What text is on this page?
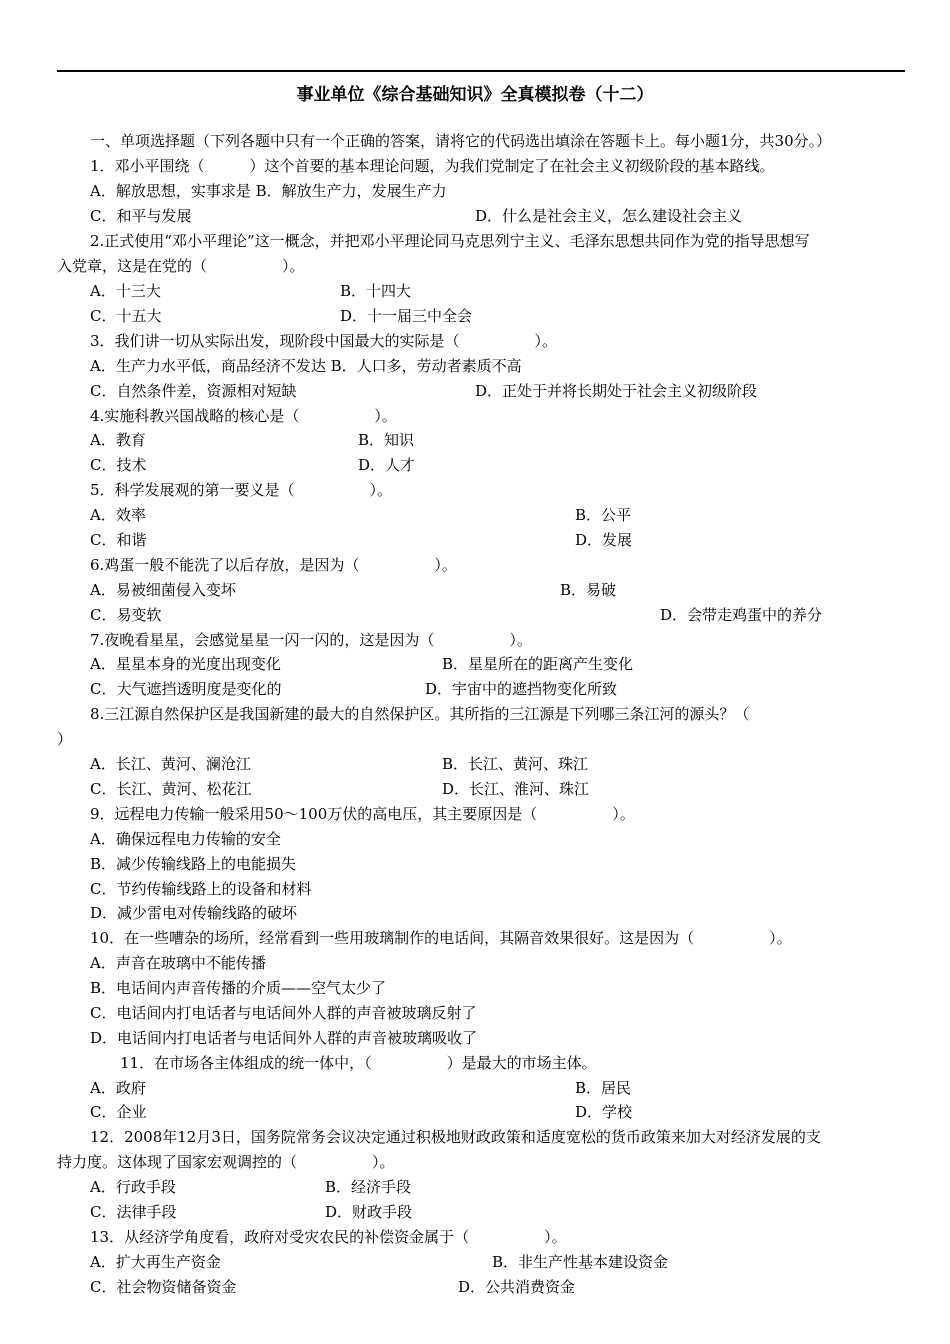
事业单位《综合基础知识》全真模拟卷（十二）
一、单项选择题（下列各题中只有一个正确的答案，请将它的代码选出填涂在答题卡上。每小题1分，共30分。）
1．邓小平围绕（　　　）这个首要的基本理论问题，为我们党制定了在社会主义初级阶段的基本路线。
A．解放思想，实事求是 B．解放生产力，发展生产力
C．和平与发展	D．什么是社会主义，怎么建设社会主义
2.正式使用“邓小平理论”这一概念，并把邓小平理论同马克思列宁主义、毛泽东思想共同作为党的指导思想写
入党章，这是在党的（　　　　　）。
A．十三大	B．十四大
C．十五大	D．十一届三中全会
3．我们讲一切从实际出发，现阶段中国最大的实际是（　　　　　）。
A．生产力水平低，商品经济不发达 B．人口多，劳动者素质不高
C．自然条件差，资源相对短缺	D．正处于并将长期处于社会主义初级阶段
4.实施科教兴国战略的核心是（　　　　　）。
A．教育	B．知识
C．技术	D．人才
5．科学发展观的第一要义是（　　　　　）。
A．效率	B．公平
C．和谐	D．发展
6.鸡蛋一般不能洗了以后存放，是因为（　　　　　）。
A．易被细菌侵入变坏	B．易破
C．易变软	D．会带走鸡蛋中的养分
7.夜晚看星星，会感觉星星一闪一闪的，这是因为（　　　　　）。
A．星星本身的光度出现变化	B．星星所在的距离产生变化
C．大气遮挡透明度是变化的	D．宇宙中的遮挡物变化所致
8.三江源自然保护区是我国新建的最大的自然保护区。其所指的三江源是下列哪三条江河的源头？（
）
A．长江、黄河、澜沧江	B．长江、黄河、珠江
C．长江、黄河、松花江	D．长江、淮河、珠江
9．远程电力传输一般采用50～100万伏的高电压，其主要原因是（　　　　　）。
A．确保远程电力传输的安全
B．减少传输线路上的电能损失
C．节约传输线路上的设备和材料
D．减少雷电对传输线路的破坏
10．在一些嘈杂的场所，经常看到一些用玻璃制作的电话间，其隔音效果很好。这是因为（　　　　　）。
A．声音在玻璃中不能传播
B．电话间内声音传播的介质——空气太少了
C．电话间内打电话者与电话间外人群的声音被玻璃反射了
D．电话间内打电话者与电话间外人群的声音被玻璃吸收了
11．在市场各主体组成的统一体中，（　　　　　）是最大的市场主体。
A．政府	B．居民
C．企业	D．学校
12．2008年12月3日，国务院常务会议决定通过积极地财政政策和适度宽松的货币政策来加大对经济发展的支
持力度。这体现了国家宏观调控的（　　　　　）。
A．行政手段	B．经济手段
C．法律手段	D．财政手段
13．从经济学角度看，政府对受灾农民的补偿资金属于（　　　　　）。
A．扩大再生产资金	B．非生产性基本建设资金
C．社会物资储备资金	D．公共消费资金
